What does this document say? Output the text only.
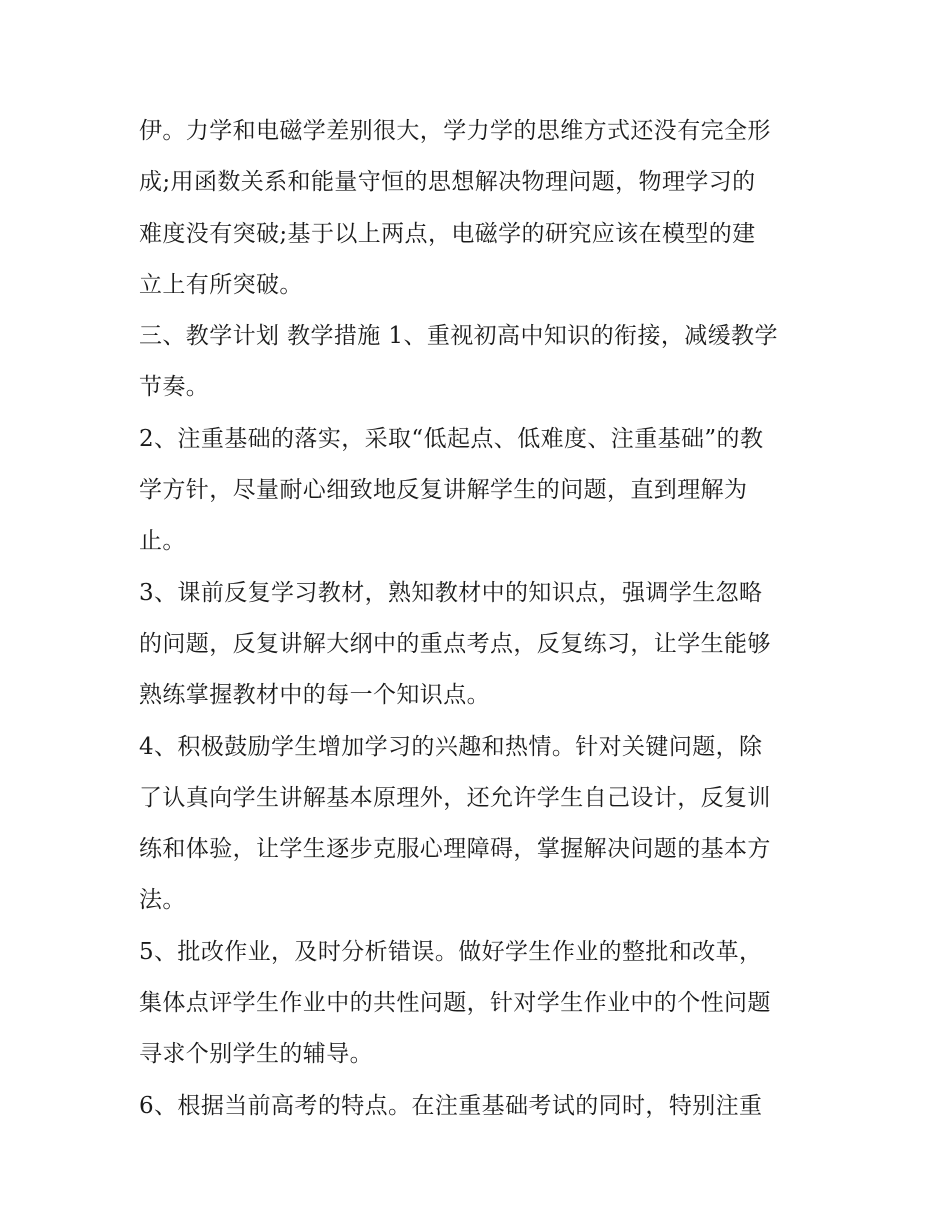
伊。力学和电磁学差别很大，学力学的思维方式还没有完全形
成;用函数关系和能量守恒的思想解决物理问题，物理学习的
难度没有突破;基于以上两点，电磁学的研究应该在模型的建
立上有所突破。
三、教学计划 教学措施 1、重视初高中知识的衔接，减缓教学
节奏。
2、注重基础的落实，采取“低起点、低难度、注重基础”的教
学方针，尽量耐心细致地反复讲解学生的问题，直到理解为
止。
3、课前反复学习教材，熟知教材中的知识点，强调学生忽略
的问题，反复讲解大纲中的重点考点，反复练习，让学生能够
熟练掌握教材中的每一个知识点。
4、积极鼓励学生增加学习的兴趣和热情。针对关键问题，除
了认真向学生讲解基本原理外，还允许学生自己设计，反复训
练和体验，让学生逐步克服心理障碍，掌握解决问题的基本方
法。
5、批改作业，及时分析错误。做好学生作业的整批和改革，
集体点评学生作业中的共性问题，针对学生作业中的个性问题
寻求个别学生的辅导。
6、根据当前高考的特点。在注重基础考试的同时，特别注重
